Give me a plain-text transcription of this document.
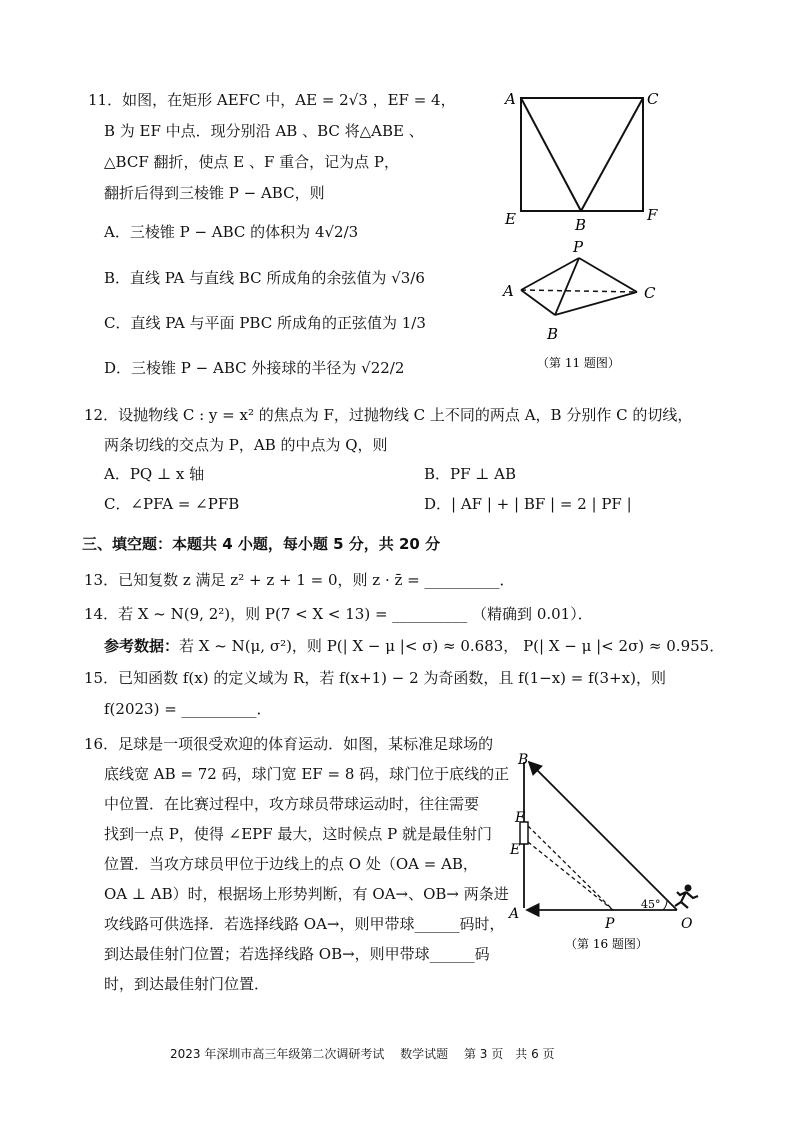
11．如图，在矩形 AEFC 中，AE = 2√3 ，EF = 4，
B 为 EF 中点．现分别沿 AB 、BC 将△ABE 、
△BCF 翻折，使点 E 、F 重合，记为点 P，
翻折后得到三棱锥 P − ABC，则
A．三棱锥 P − ABC 的体积为 4√2/3
B．直线 PA 与直线 BC 所成角的余弦值为 √3/6
C．直线 PA 与平面 PBC 所成角的正弦值为 1/3
D．三棱锥 P − ABC 外接球的半径为 √22/2
A	C
E	B
F
P
A	C
B
（第 11 题图）
12．设抛物线 C : y = x² 的焦点为 F，过抛物线 C 上不同的两点 A，B 分别作 C 的切线，
两条切线的交点为 P，AB 的中点为 Q，则
A．PQ ⊥ x 轴	B．PF ⊥ AB
C．∠PFA = ∠PFB	D．| AF | + | BF | = 2 | PF |
三、填空题：本题共 4 小题，每小题 5 分，共 20 分
13．已知复数 z 满足 z² + z + 1 = 0，则 z · z̄ = __________．
14．若 X ~ N(9, 2²)，则 P(7 < X < 13) = __________ （精确到 0.01）．
参考数据：若 X ~ N(μ, σ²)，则 P(| X − μ |< σ) ≈ 0.683， P(| X − μ |< 2σ) ≈ 0.955．
15．已知函数 f(x) 的定义域为 R，若 f(x+1) − 2 为奇函数，且 f(1−x) = f(3+x)，则
f(2023) = __________．
16．足球是一项很受欢迎的体育运动．如图，某标准足球场的
底线宽 AB = 72 码，球门宽 EF = 8 码，球门位于底线的正
中位置．在比赛过程中，攻方球员带球运动时，往往需要
找到一点 P，使得 ∠EPF 最大，这时候点 P 就是最佳射门
位置．当攻方球员甲位于边线上的点 O 处（OA = AB，
OA ⊥ AB）时，根据场上形势判断，有 OA→、OB→ 两条进
攻线路可供选择．若选择线路 OA→，则甲带球______码时，
到达最佳射门位置；若选择线路 OB→，则甲带球______码
时，到达最佳射门位置．
B
F
E
A
P	O
45°
（第 16 题图）
2023 年深圳市高三年级第二次调研考试　 数学试题　 第 3 页　共 6 页
